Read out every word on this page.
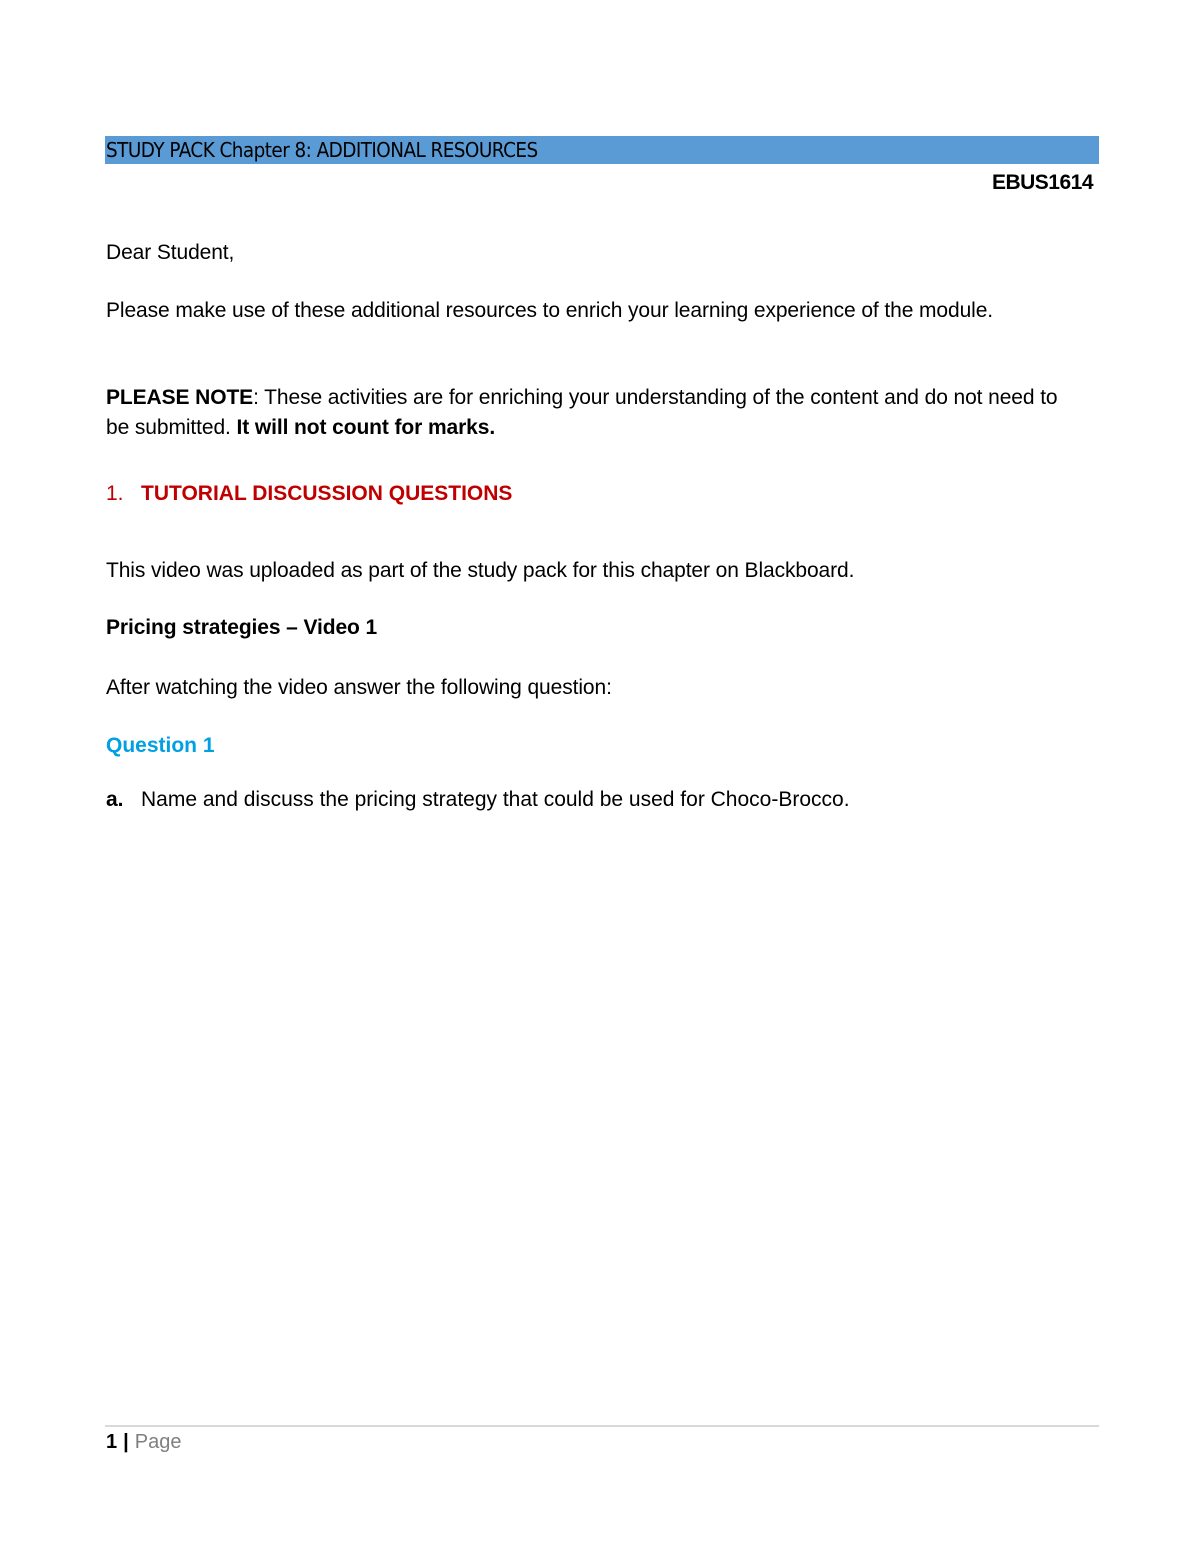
STUDY PACK Chapter 8: ADDITIONAL RESOURCES
EBUS1614
Dear Student,
Please make use of these additional resources to enrich your learning experience of the module.
PLEASE NOTE: These activities are for enriching your understanding of the content and do not need to be submitted. It will not count for marks.
1. TUTORIAL DISCUSSION QUESTIONS
This video was uploaded as part of the study pack for this chapter on Blackboard.
Pricing strategies – Video 1
After watching the video answer the following question:
Question 1
a. Name and discuss the pricing strategy that could be used for Choco-Brocco.
1 | Page
